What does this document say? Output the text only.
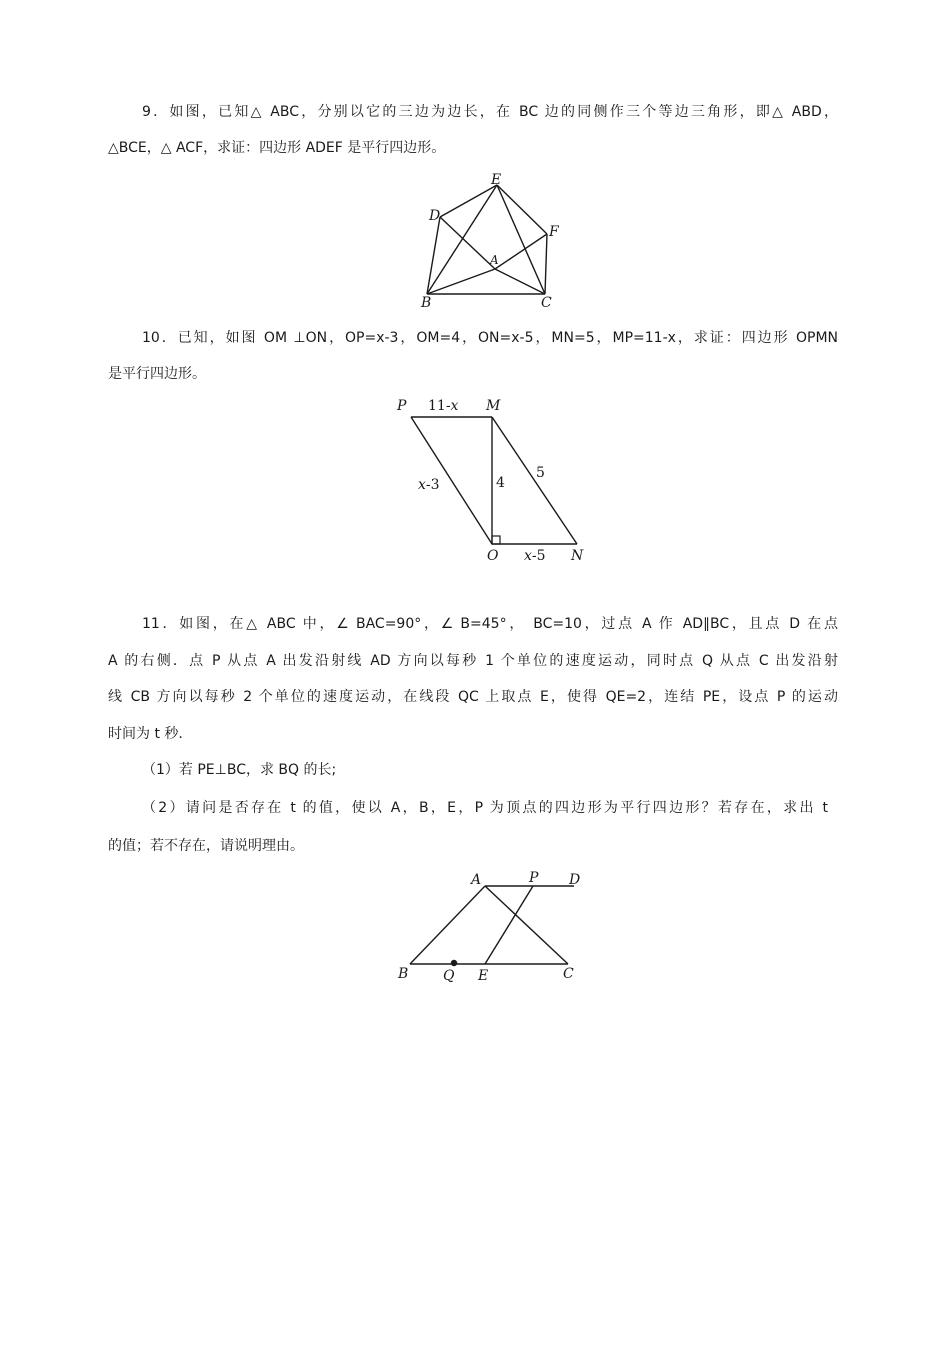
9．如图，已知△ ABC，分别以它的三边为边长，在 BC 边的同侧作三个等边三角形，即△ ABD，
△BCE，△ ACF，求证：四边形 ADEF 是平行四边形。
E
D
F
A
B	C
10．已知，如图 OM ⊥ON，OP=x-3，OM=4，ON=x-5，MN=5，MP=11-x，求证：四边形 OPMN
是平行四边形。
P	M
11-x
x-3	4
5
O x-5 N
11．如图，在△ ABC 中，∠ BAC=90°，∠ B=45°， BC=10，过点 A 作 AD∥BC，且点 D 在点
A 的右侧．点 P 从点 A 出发沿射线 AD 方向以每秒 1 个单位的速度运动，同时点 Q 从点 C 出发沿射
线 CB 方向以每秒 2 个单位的速度运动，在线段 QC 上取点 E，使得 QE=2，连结 PE，设点 P 的运动
时间为 t 秒.
（1）若 PE⊥BC，求 BQ 的长;
（2）请问是否存在 t 的值，使以 A，B，E，P 为顶点的四边形为平行四边形？若存在，求出 t
的值；若不存在，请说明理由。
A	P D
B Q E	C
